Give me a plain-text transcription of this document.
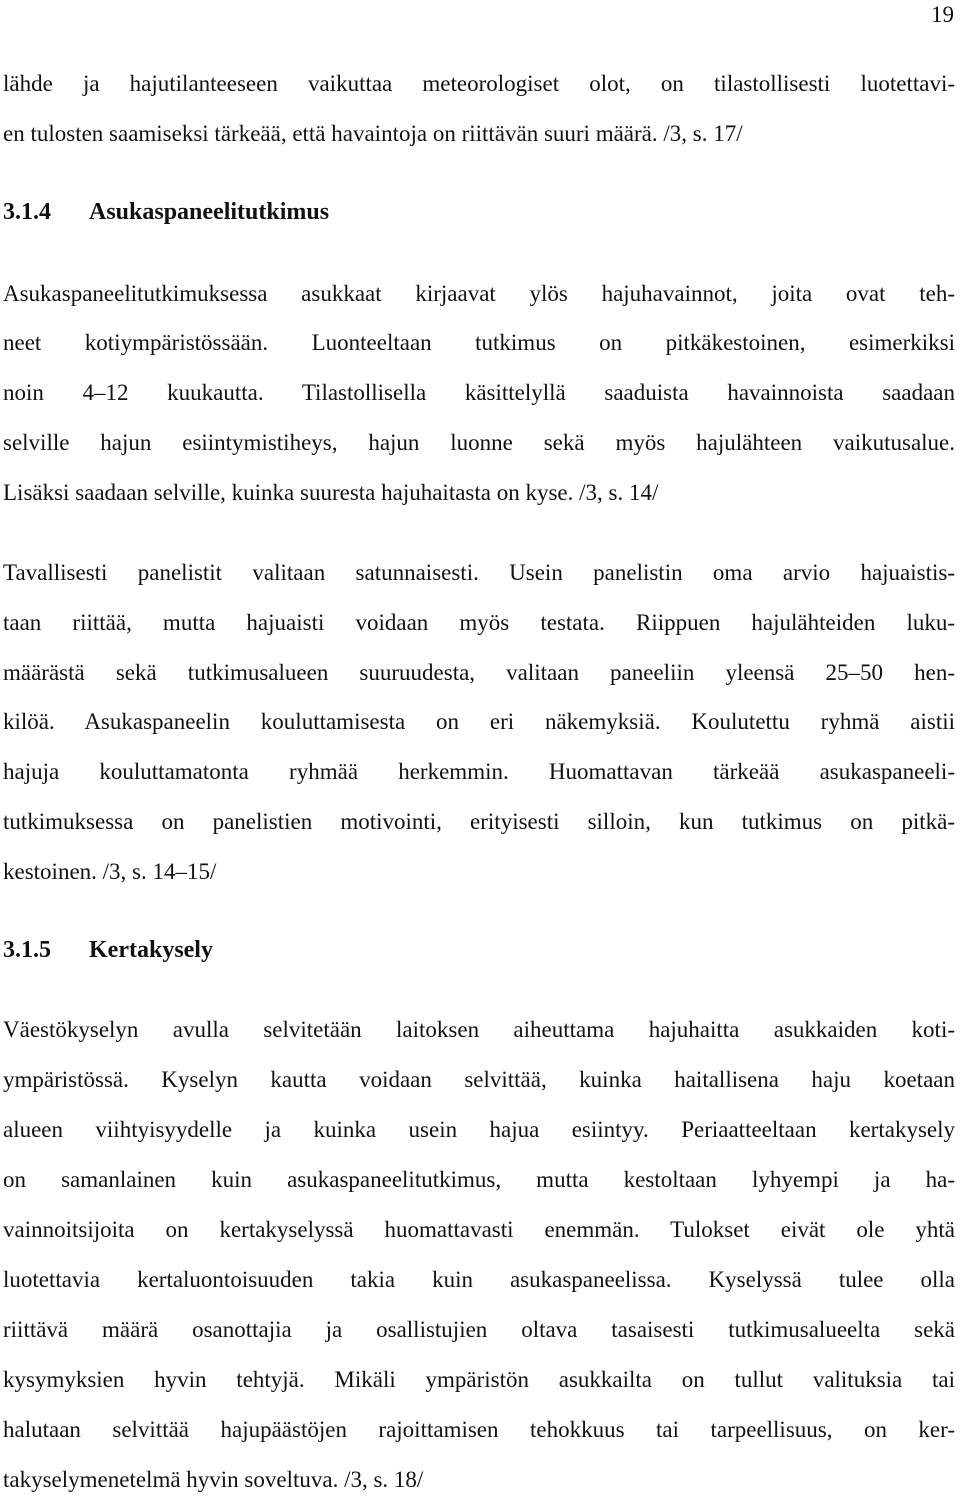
19
lähde ja hajutilanteeseen vaikuttaa meteorologiset olot, on tilastollisesti luotettavi-
en tulosten saamiseksi tärkeää, että havaintoja on riittävän suuri määrä. /3, s. 17/
3.1.4 Asukaspaneelitutkimus
Asukaspaneelitutkimuksessa asukkaat kirjaavat ylös hajuhavainnot, joita ovat teh-
neet kotiympäristössään. Luonteeltaan tutkimus on pitkäkestoinen, esimerkiksi
noin 4–12 kuukautta. Tilastollisella käsittelyllä saaduista havainnoista saadaan
selville hajun esiintymistiheys, hajun luonne sekä myös hajulähteen vaikutusalue.
Lisäksi saadaan selville, kuinka suuresta hajuhaitasta on kyse. /3, s. 14/
Tavallisesti panelistit valitaan satunnaisesti. Usein panelistin oma arvio hajuaistis-
taan riittää, mutta hajuaisti voidaan myös testata. Riippuen hajulähteiden luku-
määrästä sekä tutkimusalueen suuruudesta, valitaan paneeliin yleensä 25–50 hen-
kilöä. Asukaspaneelin kouluttamisesta on eri näkemyksiä. Koulutettu ryhmä aistii
hajuja kouluttamatonta ryhmää herkemmin. Huomattavan tärkeää asukaspaneeli-
tutkimuksessa on panelistien motivointi, erityisesti silloin, kun tutkimus on pitkä-
kestoinen. /3, s. 14–15/
3.1.5 Kertakysely
Väestökyselyn avulla selvitetään laitoksen aiheuttama hajuhaitta asukkaiden koti-
ympäristössä. Kyselyn kautta voidaan selvittää, kuinka haitallisena haju koetaan
alueen viihtyisyydelle ja kuinka usein hajua esiintyy. Periaatteeltaan kertakysely
on samanlainen kuin asukaspaneelitutkimus, mutta kestoltaan lyhyempi ja ha-
vainnoitsijoita on kertakyselyssä huomattavasti enemmän. Tulokset eivät ole yhtä
luotettavia kertaluontoisuuden takia kuin asukaspaneelissa. Kyselyssä tulee olla
riittävä määrä osanottajia ja osallistujien oltava tasaisesti tutkimusalueelta sekä
kysymyksien hyvin tehtyjä. Mikäli ympäristön asukkailta on tullut valituksia tai
halutaan selvittää hajupäästöjen rajoittamisen tehokkuus tai tarpeellisuus, on ker-
takyselymenetelmä hyvin soveltuva. /3, s. 18/
